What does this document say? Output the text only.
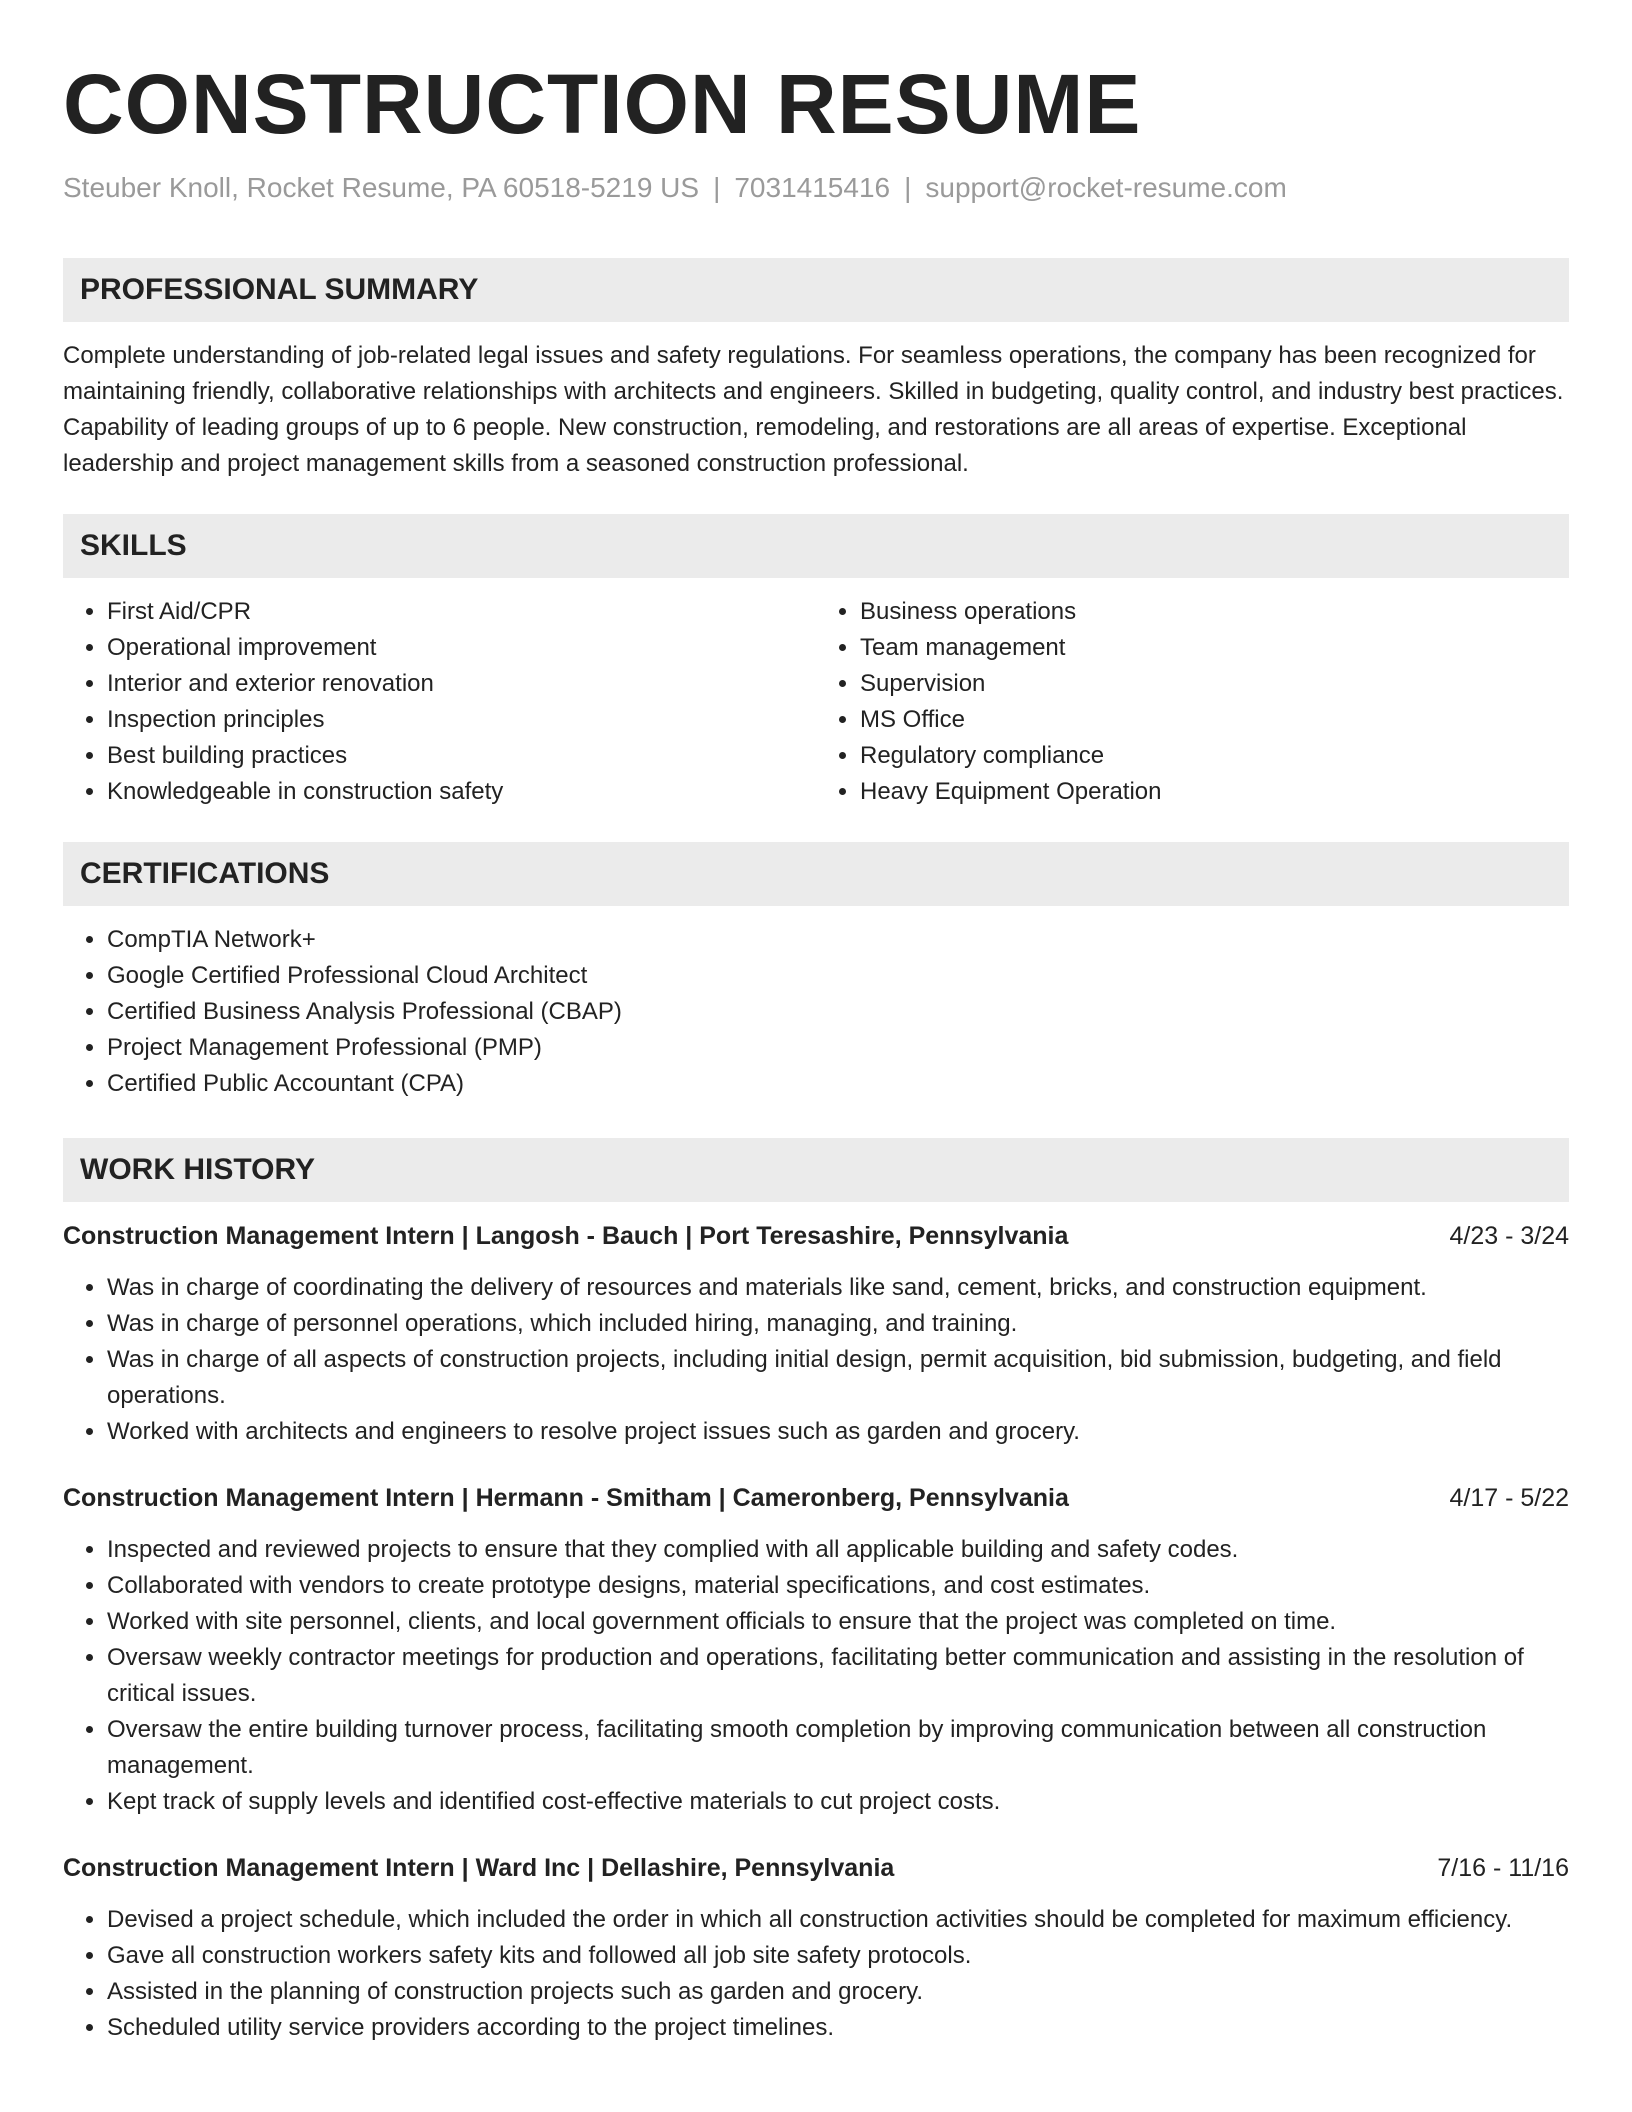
CONSTRUCTION RESUME
Steuber Knoll, Rocket Resume, PA 60518-5219 US | 7031415416 | support@rocket-resume.com
PROFESSIONAL SUMMARY

Complete understanding of job-related legal issues and safety regulations. For seamless operations, the company has been recognized for maintaining friendly, collaborative relationships with architects and engineers. Skilled in budgeting, quality control, and industry best practices. Capability of leading groups of up to 6 people. New construction, remodeling, and restorations are all areas of expertise. Exceptional leadership and project management skills from a seasoned construction professional.

SKILLS
• First Aid/CPR
• Operational improvement
• Interior and exterior renovation
• Inspection principles
• Best building practices
• Knowledgeable in construction safety
• Business operations
• Team management
• Supervision
• MS Office
• Regulatory compliance
• Heavy Equipment Operation
CERTIFICATIONS
• CompTIA Network+
• Google Certified Professional Cloud Architect
• Certified Business Analysis Professional (CBAP)
• Project Management Professional (PMP)
• Certified Public Accountant (CPA)
WORK HISTORY
Construction Management Intern | Langosh - Bauch | Port Teresashire, Pennsylvania	4/23 - 3/24
• Was in charge of coordinating the delivery of resources and materials like sand, cement, bricks, and construction equipment.
• Was in charge of personnel operations, which included hiring, managing, and training.
• Was in charge of all aspects of construction projects, including initial design, permit acquisition, bid submission, budgeting, and field operations.
• Worked with architects and engineers to resolve project issues such as garden and grocery.
Construction Management Intern | Hermann - Smitham | Cameronberg, Pennsylvania	4/17 - 5/22
• Inspected and reviewed projects to ensure that they complied with all applicable building and safety codes.
• Collaborated with vendors to create prototype designs, material specifications, and cost estimates.
• Worked with site personnel, clients, and local government officials to ensure that the project was completed on time.
• Oversaw weekly contractor meetings for production and operations, facilitating better communication and assisting in the resolution of critical issues.
• Oversaw the entire building turnover process, facilitating smooth completion by improving communication between all construction management.
• Kept track of supply levels and identified cost-effective materials to cut project costs.
Construction Management Intern | Ward Inc | Dellashire, Pennsylvania	7/16 - 11/16
• Devised a project schedule, which included the order in which all construction activities should be completed for maximum efficiency.
• Gave all construction workers safety kits and followed all job site safety protocols.
• Assisted in the planning of construction projects such as garden and grocery.
• Scheduled utility service providers according to the project timelines.
